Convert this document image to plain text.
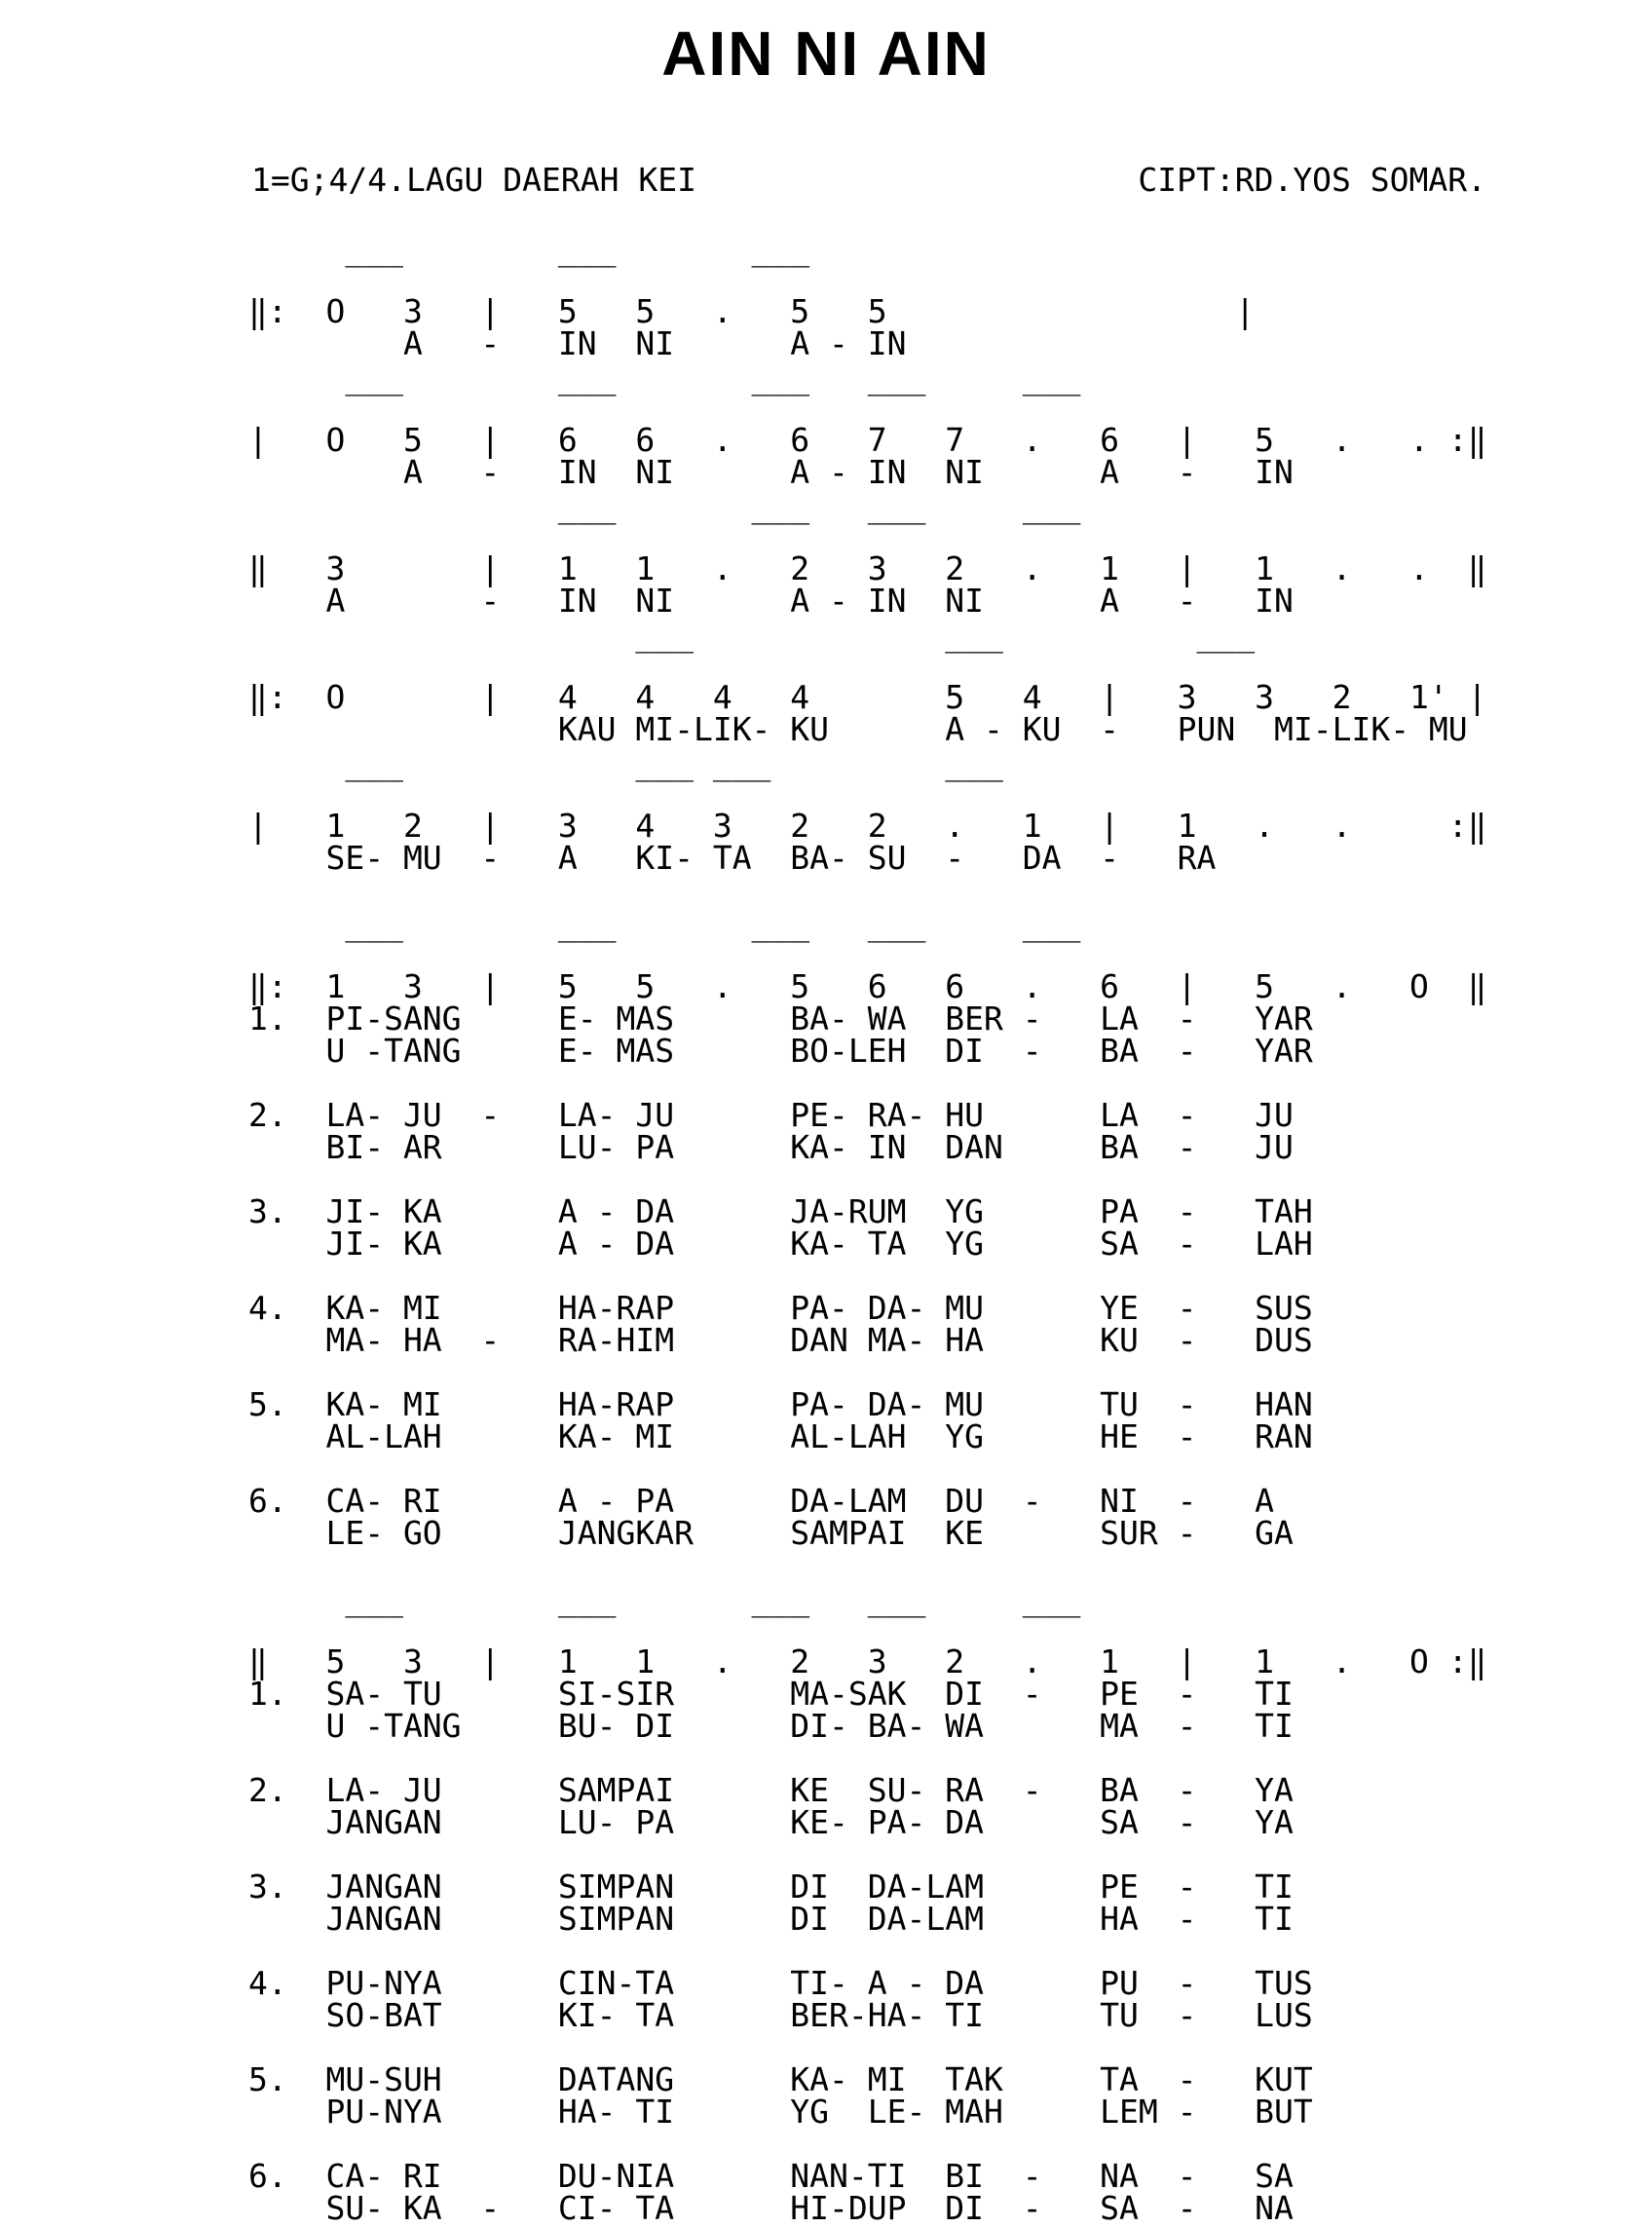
AIN NI AIN
1=G;4/4.LAGU DAERAH KEI	CIPT:RD.YOS SOMAR.
‾‾‾        ‾‾‾       ‾‾‾
‖:  O   3   |   5   5   .   5   5                  |
A   -   IN  NI      A - IN

‾‾‾        ‾‾‾       ‾‾‾   ‾‾‾     ‾‾‾
|   O   5   |   6   6   .   6   7   7   .   6   |   5   .   . :‖
A   -   IN  NI      A - IN  NI      A   -   IN

‾‾‾       ‾‾‾   ‾‾‾     ‾‾‾
‖   3       |   1   1   .   2   3   2   .   1   |   1   .   .  ‖
A       -   IN  NI      A - IN  NI      A   -   IN

‾‾‾             ‾‾‾          ‾‾‾
‖:  O       |   4   4   4   4       5   4   |   3   3   2   1' |
KAU MI-LIK- KU      A - KU  -   PUN  MI-LIK- MU

‾‾‾            ‾‾‾ ‾‾‾         ‾‾‾
|   1   2   |   3   4   3   2   2   .   1   |   1   .   .     :‖
SE- MU  -   A   KI- TA  BA- SU  -   DA  -   RA

‾‾‾        ‾‾‾       ‾‾‾   ‾‾‾     ‾‾‾
‖:  1   3   |   5   5   .   5   6   6   .   6   |   5   .   O  ‖
1.  PI-SANG     E- MAS      BA- WA  BER -   LA  -   YAR
U -TANG     E- MAS      BO-LEH  DI  -   BA  -   YAR

2.  LA- JU  -   LA- JU      PE- RA- HU      LA  -   JU
BI- AR      LU- PA      KA- IN  DAN     BA  -   JU

3.  JI- KA      A - DA      JA-RUM  YG      PA  -   TAH
JI- KA      A - DA      KA- TA  YG      SA  -   LAH

4.  KA- MI      HA-RAP      PA- DA- MU      YE  -   SUS
MA- HA  -   RA-HIM      DAN MA- HA      KU  -   DUS

5.  KA- MI      HA-RAP      PA- DA- MU      TU  -   HAN
AL-LAH      KA- MI      AL-LAH  YG      HE  -   RAN

6.  CA- RI      A - PA      DA-LAM  DU  -   NI  -   A
LE- GO      JANGKAR     SAMPAI  KE      SUR -   GA

‾‾‾        ‾‾‾       ‾‾‾   ‾‾‾     ‾‾‾
‖   5   3   |   1   1   .   2   3   2   .   1   |   1   .   O :‖
1.  SA- TU      SI-SIR      MA-SAK  DI  -   PE  -   TI
U -TANG     BU- DI      DI- BA- WA      MA  -   TI

2.  LA- JU      SAMPAI      KE  SU- RA  -   BA  -   YA
JANGAN      LU- PA      KE- PA- DA      SA  -   YA

3.  JANGAN      SIMPAN      DI  DA-LAM      PE  -   TI
JANGAN      SIMPAN      DI  DA-LAM      HA  -   TI

4.  PU-NYA      CIN-TA      TI- A - DA      PU  -   TUS
SO-BAT      KI- TA      BER-HA- TI      TU  -   LUS

5.  MU-SUH      DATANG      KA- MI  TAK     TA  -   KUT
PU-NYA      HA- TI      YG  LE- MAH     LEM -   BUT

6.  CA- RI      DU-NIA      NAN-TI  BI  -   NA  -   SA
SU- KA  -   CI- TA      HI-DUP  DI  -   SA  -   NA
